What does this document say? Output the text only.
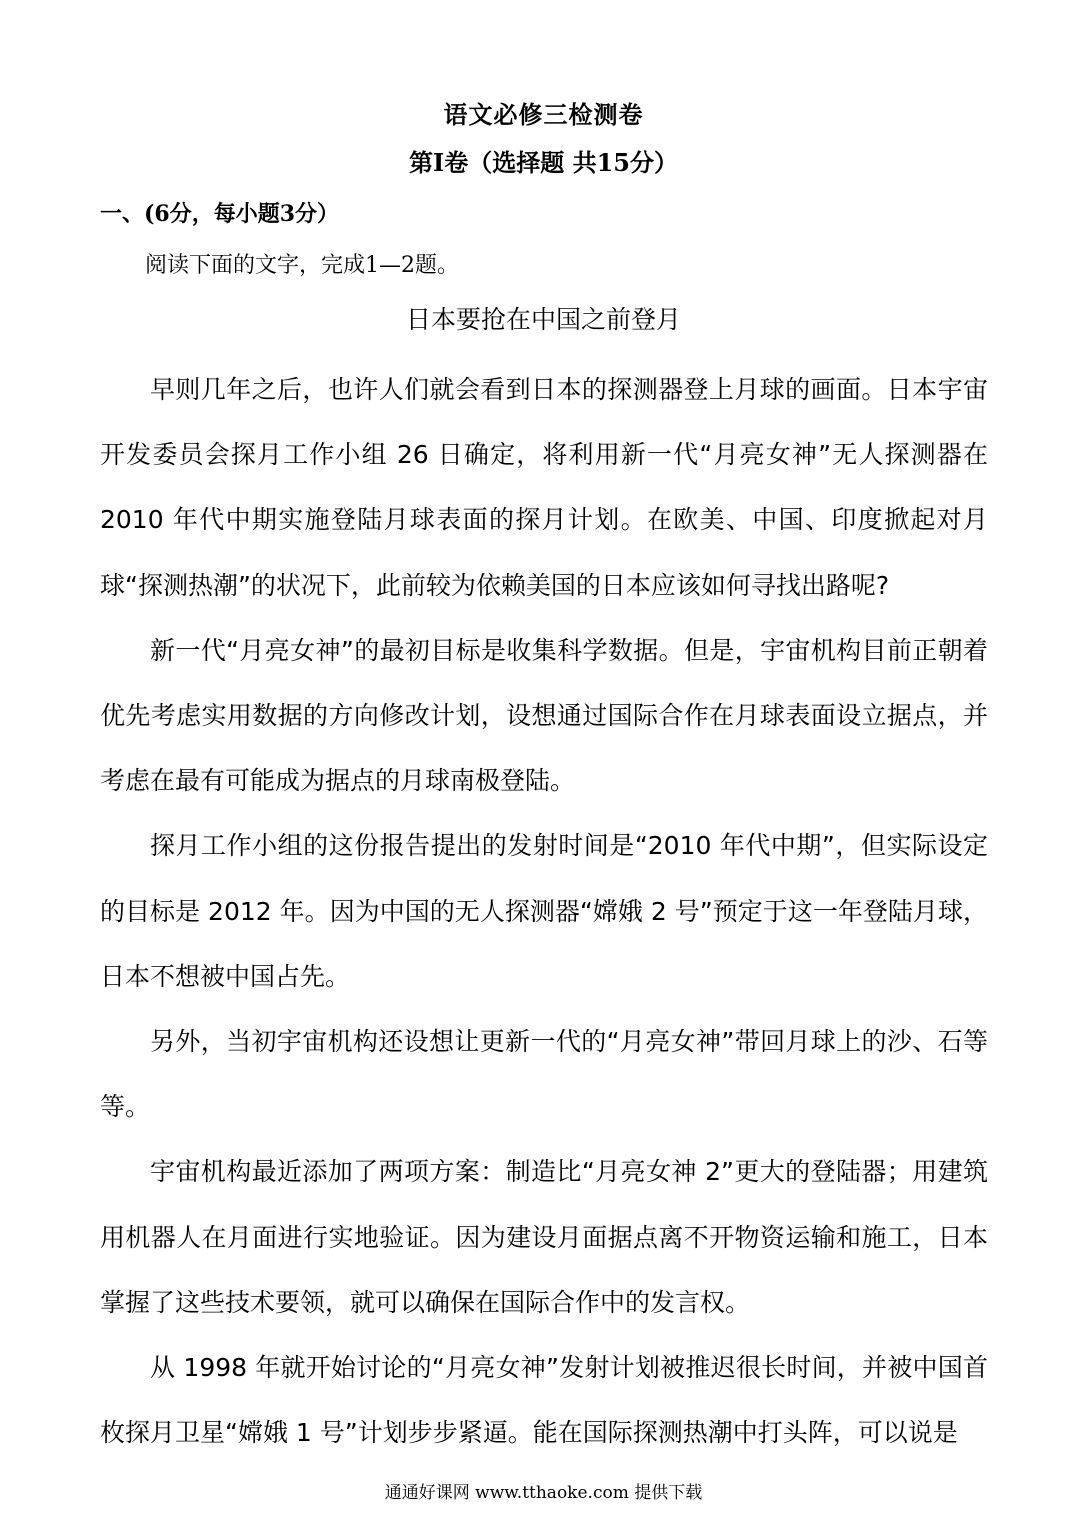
语文必修三检测卷
第Ⅰ卷（选择题 共15分）
一、(6分，每小题3分）
阅读下面的文字，完成1—2题。
日本要抢在中国之前登月

早则几年之后，也许人们就会看到日本的探测器登上月球的画面。日本宇宙开发委员会探月工作小组 26 日确定，将利用新一代“月亮女神”无人探测器在 2010 年代中期实施登陆月球表面的探月计划。在欧美、中国、印度掀起对月球“探测热潮”的状况下，此前较为依赖美国的日本应该如何寻找出路呢?

新一代“月亮女神”的最初目标是收集科学数据。但是，宇宙机构目前正朝着优先考虑实用数据的方向修改计划，设想通过国际合作在月球表面设立据点，并考虑在最有可能成为据点的月球南极登陆。

探月工作小组的这份报告提出的发射时间是“2010 年代中期”，但实际设定的目标是 2012 年。因为中国的无人探测器“嫦娥 2 号”预定于这一年登陆月球，日本不想被中国占先。

另外，当初宇宙机构还设想让更新一代的“月亮女神”带回月球上的沙、石等等。

宇宙机构最近添加了两项方案：制造比“月亮女神 2”更大的登陆器；用建筑用机器人在月面进行实地验证。因为建设月面据点离不开物资运输和施工，日本掌握了这些技术要领，就可以确保在国际合作中的发言权。

从 1998 年就开始讨论的“月亮女神”发射计划被推迟很长时间，并被中国首枚探月卫星“嫦娥 1 号”计划步步紧逼。能在国际探测热潮中打头阵，可以说是

通通好课网 www.tthaoke.com 提供下载
